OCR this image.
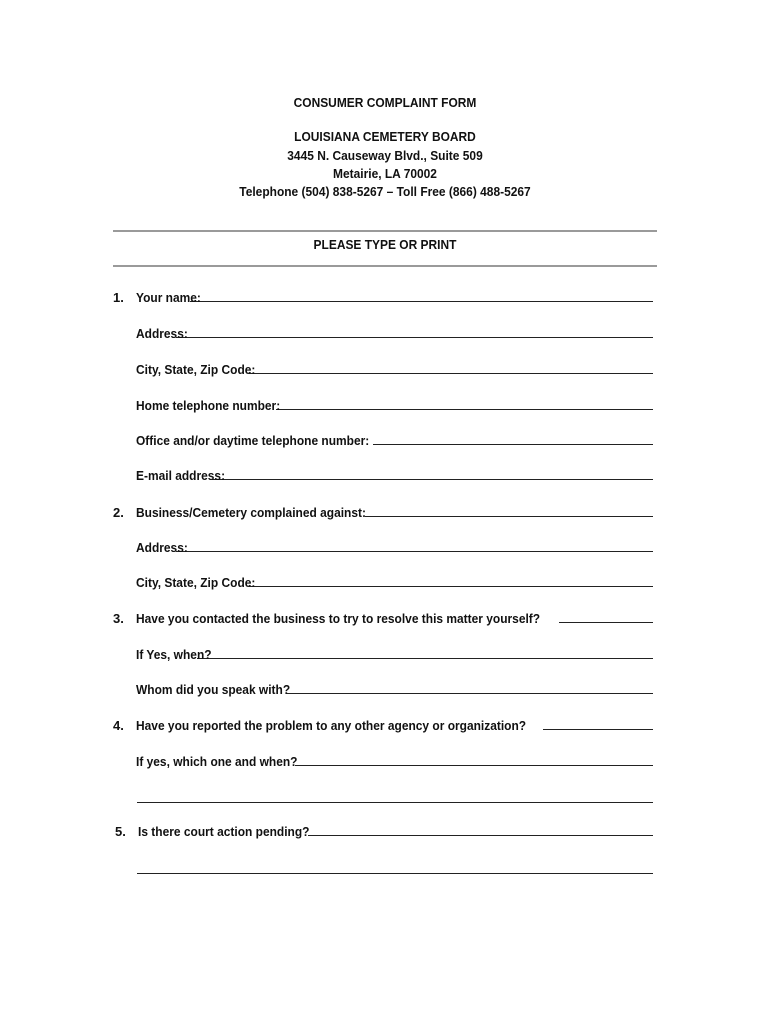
CONSUMER COMPLAINT FORM
LOUISIANA CEMETERY BOARD
3445 N. Causeway Blvd., Suite 509
Metairie, LA 70002
Telephone (504) 838-5267 – Toll Free (866) 488-5267
PLEASE TYPE OR PRINT
1. Your name:
Address:
City, State, Zip Code:
Home telephone number:
Office and/or daytime telephone number:
E-mail address:
2. Business/Cemetery complained against:
Address:
City, State, Zip Code:
3. Have you contacted the business to try to resolve this matter yourself?
If Yes, when?
Whom did you speak with?
4. Have you reported the problem to any other agency or organization?
If yes, which one and when?
5. Is there court action pending?
